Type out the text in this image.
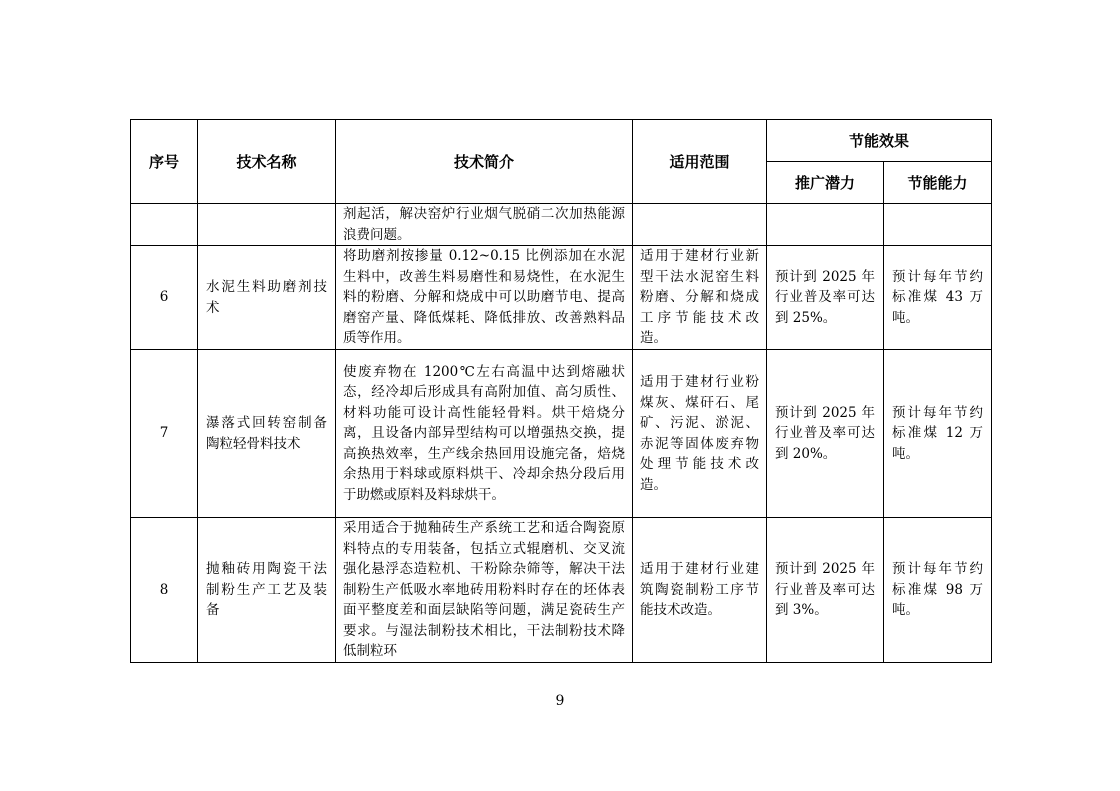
序号	技术名称	技术简介	适用范围	节能效果	
				推广潜力	节能能力
		剂起活，解决窑炉行业烟气脱硝二次加热能源浪费问题。			
6	水泥生料助磨剂技术	将助磨剂按掺量 0.12~0.15 比例添加在水泥生料中，改善生料易磨性和易烧性，在水泥生料的粉磨、分解和烧成中可以助磨节电、提高磨窑产量、降低煤耗、降低排放、改善熟料品质等作用。	适用于建材行业新型干法水泥窑生料粉磨、分解和烧成工序节能技术改造。	预计到 2025 年行业普及率可达到 25%。	预计每年节约标准煤 43 万吨。
7	瀑落式回转窑制备陶粒轻骨料技术	使废弃物在 1200℃左右高温中达到熔融状态，经冷却后形成具有高附加值、高匀质性、材料功能可设计高性能轻骨料。烘干焙烧分离，且设备内部异型结构可以增强热交换，提高换热效率，生产线余热回用设施完备，焙烧余热用于料球或原料烘干、冷却余热分段后用于助燃或原料及料球烘干。	适用于建材行业粉煤灰、煤矸石、尾矿、污泥、淤泥、赤泥等固体废弃物处理节能技术改造。	预计到 2025 年行业普及率可达到 20%。	预计每年节约标准煤 12 万吨。
8	抛釉砖用陶瓷干法制粉生产工艺及装备	采用适合于抛釉砖生产系统工艺和适合陶瓷原料特点的专用装备，包括立式辊磨机、交叉流强化悬浮态造粒机、干粉除杂筛等，解决干法制粉生产低吸水率地砖用粉料时存在的坯体表面平整度差和面层缺陷等问题，满足瓷砖生产要求。与湿法制粉技术相比，干法制粉技术降低制粒环	适用于建材行业建筑陶瓷制粉工序节能技术改造。	预计到 2025 年行业普及率可达到 3%。	预计每年节约标准煤 98 万吨。
9
